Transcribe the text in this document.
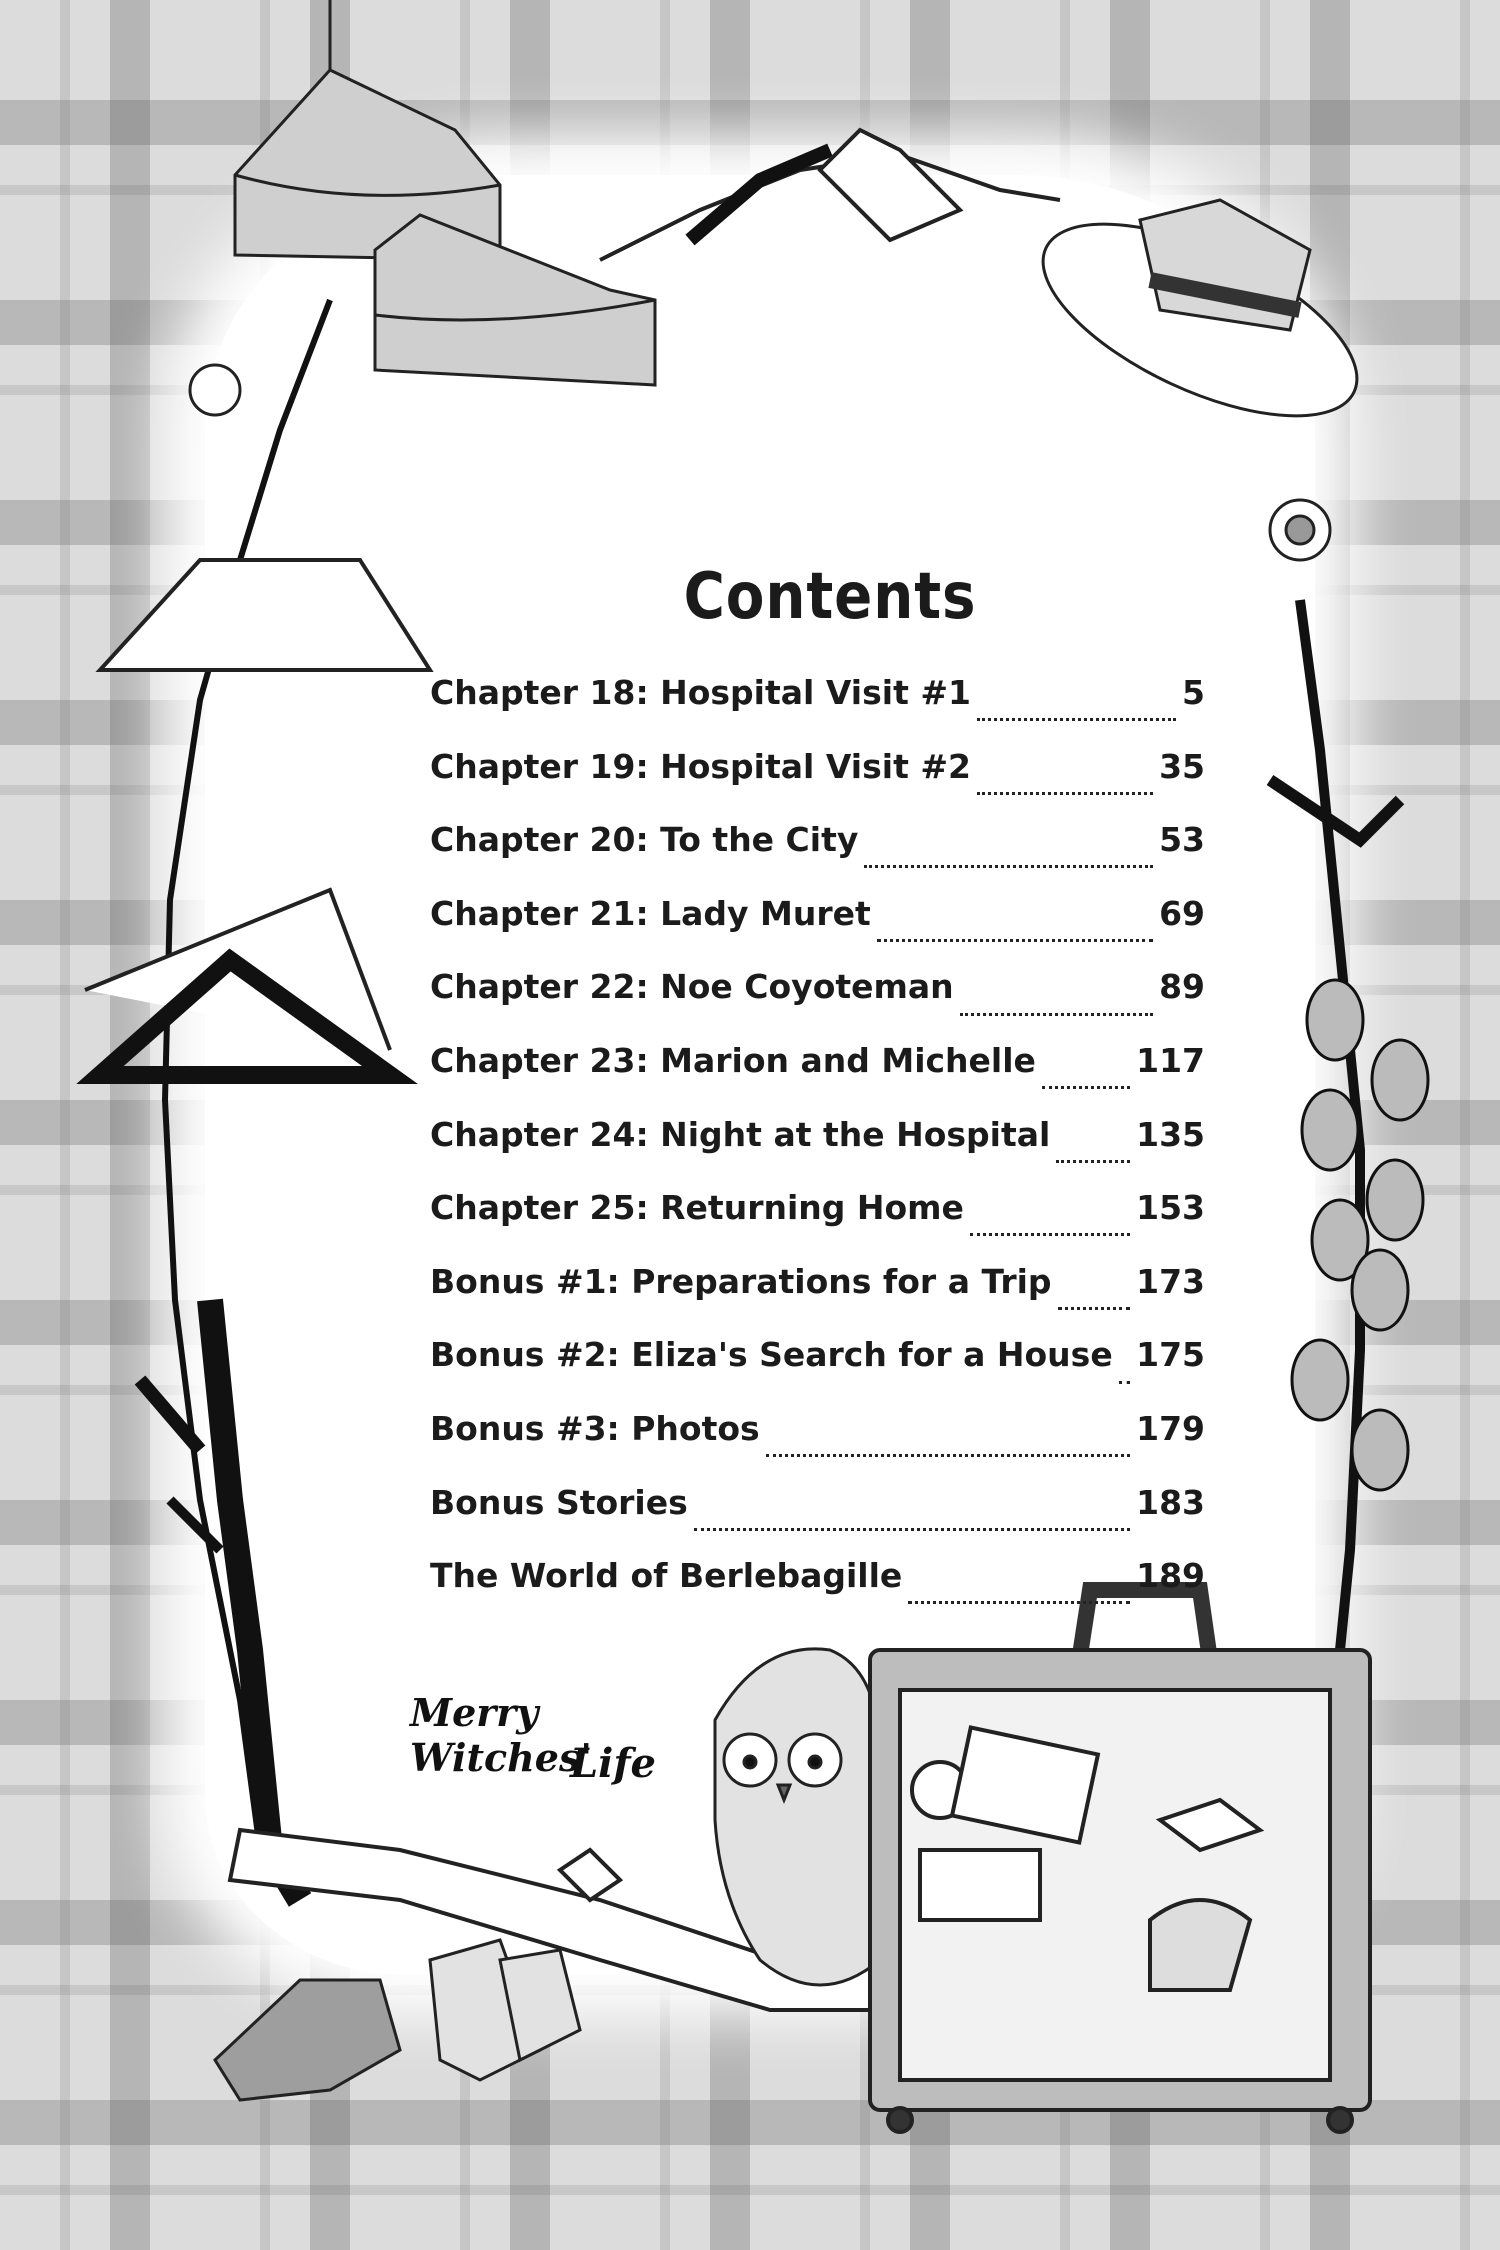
Contents
Chapter 18: Hospital Visit #1	5
Chapter 19: Hospital Visit #2	35
Chapter 20: To the City	53
Chapter 21: Lady Muret	69
Chapter 22: Noe Coyoteman	89
Chapter 23: Marion and Michelle	117
Chapter 24: Night at the Hospital	135
Chapter 25: Returning Home	153
Bonus #1: Preparations for a Trip	173
Bonus #2: Eliza's Search for a House 175
Bonus #3: Photos	179
Bonus Stories	183
The World of Berlebagille	189
Merry Witches'
Life
